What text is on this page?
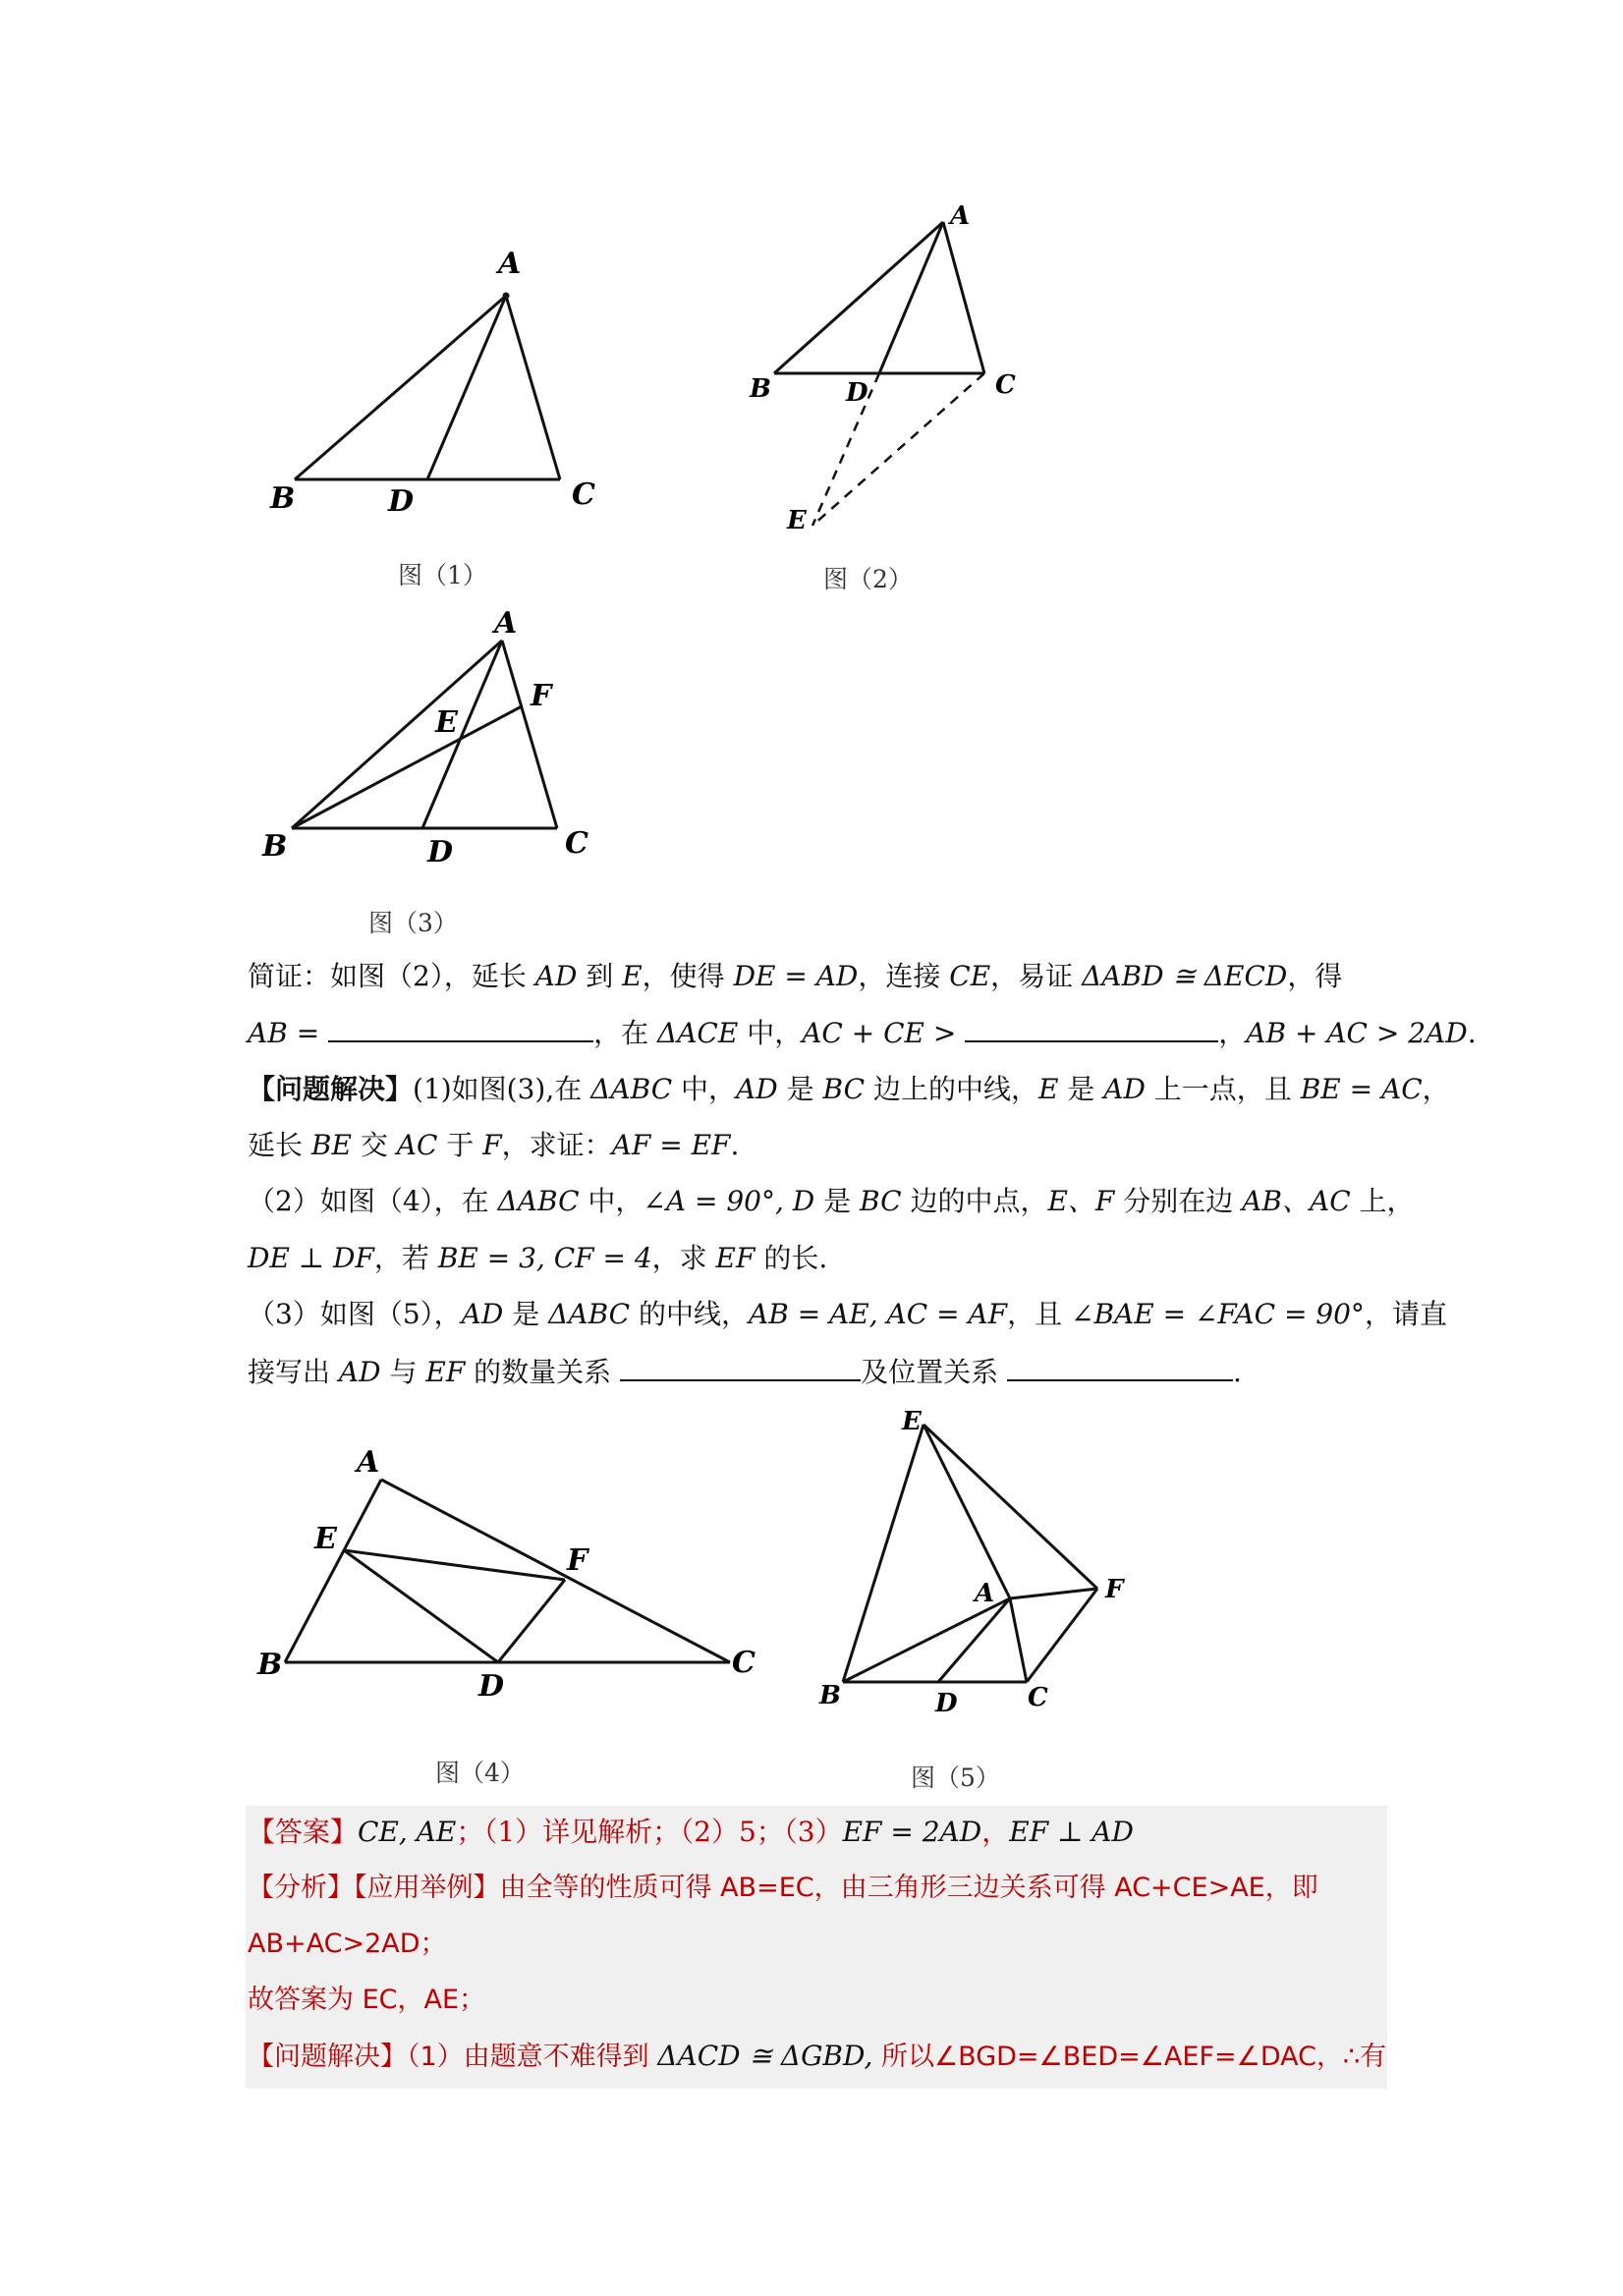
A
B	D	C
图（1）
A
B	D	C
E
图（2）
A
F
E
B	D	C
图（3）
简证：如图（2），延长 AD 到 E，使得 DE = AD，连接 CE，易证 ΔABD ≅ ΔECD，得
AB =	，在 ΔACE 中，AC + CE >	，AB + AC > 2AD.
【问题解决】(1)如图(3),在 ΔABC 中，AD 是 BC 边上的中线，E 是 AD 上一点，且 BE = AC，
延长 BE 交 AC 于 F，求证：AF = EF.
（2）如图（4），在 ΔABC 中，∠A = 90°, D 是 BC 边的中点，E、F 分别在边 AB、AC 上，
DE ⊥ DF，若 BE = 3, CF = 4，求 EF 的长.
（3）如图（5），AD 是 ΔABC 的中线，AB = AE, AC = AF，且 ∠BAE = ∠FAC = 90°，请直
接写出 AD 与 EF 的数量关系	及位置关系	.
A
E
F
B
D
C
图（4）
E
A	F
B	D	C
图（5）
【答案】CE, AE；（1）详见解析；（2）5；（3）EF = 2AD，EF ⊥ AD
【分析】【应用举例】由全等的性质可得 AB=EC，由三角形三边关系可得 AC+CE>AE，即
AB+AC>2AD；
故答案为 EC，AE；
【问题解决】（1）由题意不难得到 ΔACD ≅ ΔGBD, 所以∠BGD=∠BED=∠AEF=∠DAC，∴有
